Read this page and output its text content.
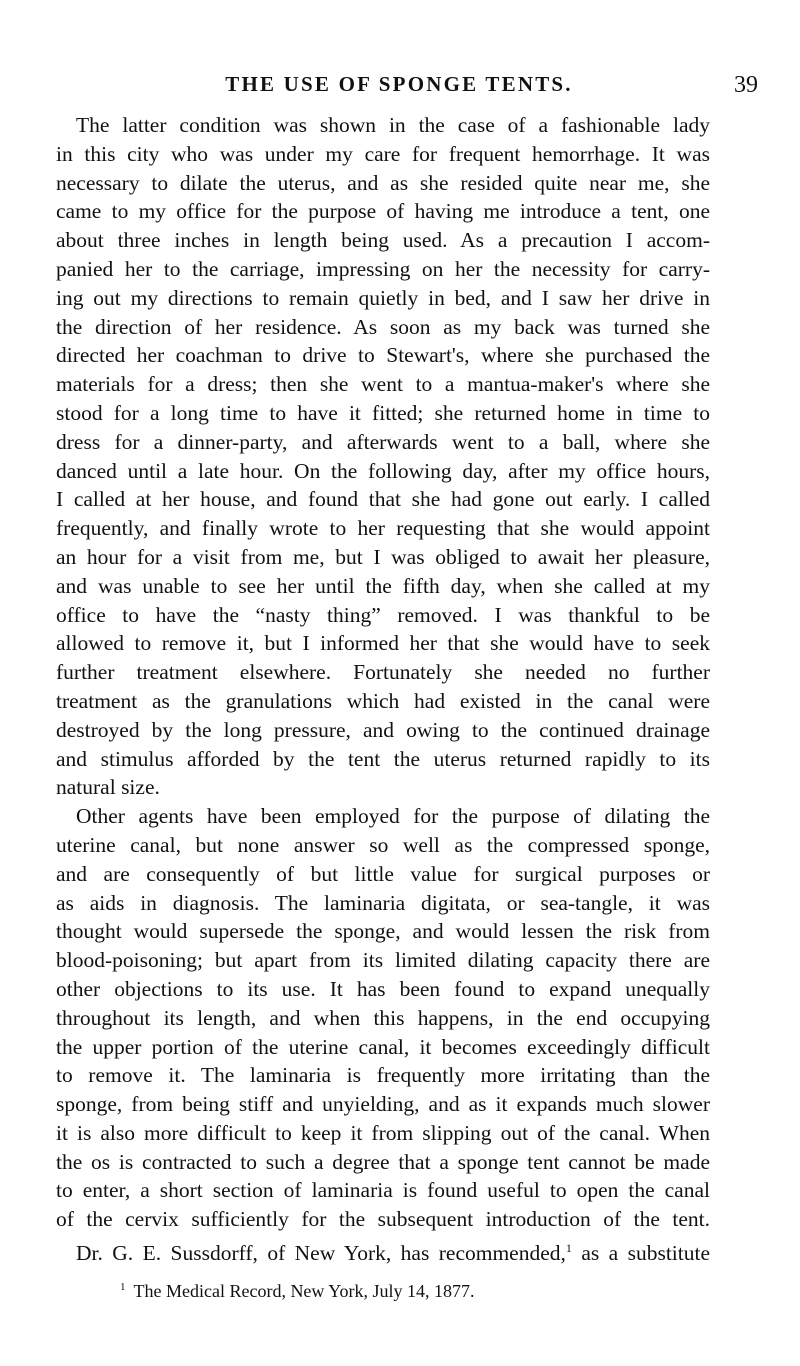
THE USE OF SPONGE TENTS.	39
The latter condition was shown in the case of a fashionable lady
in this city who was under my care for frequent hemorrhage. It was
necessary to dilate the uterus, and as she resided quite near me, she
came to my office for the purpose of having me introduce a tent, one
about three inches in length being used. As a precaution I accom-
panied her to the carriage, impressing on her the necessity for carry-
ing out my directions to remain quietly in bed, and I saw her drive in
the direction of her residence. As soon as my back was turned she
directed her coachman to drive to Stewart's, where she purchased the
materials for a dress; then she went to a mantua-maker's where she
stood for a long time to have it fitted; she returned home in time to
dress for a dinner-party, and afterwards went to a ball, where she
danced until a late hour. On the following day, after my office hours,
I called at her house, and found that she had gone out early. I called
frequently, and finally wrote to her requesting that she would appoint
an hour for a visit from me, but I was obliged to await her pleasure,
and was unable to see her until the fifth day, when she called at my
office to have the “nasty thing” removed. I was thankful to be
allowed to remove it, but I informed her that she would have to seek
further treatment elsewhere. Fortunately she needed no further
treatment as the granulations which had existed in the canal were
destroyed by the long pressure, and owing to the continued drainage
and stimulus afforded by the tent the uterus returned rapidly to its
natural size.
Other agents have been employed for the purpose of dilating the
uterine canal, but none answer so well as the compressed sponge,
and are consequently of but little value for surgical purposes or
as aids in diagnosis. The laminaria digitata, or sea-tangle, it was
thought would supersede the sponge, and would lessen the risk from
blood-poisoning; but apart from its limited dilating capacity there are
other objections to its use. It has been found to expand unequally
throughout its length, and when this happens, in the end occupying
the upper portion of the uterine canal, it becomes exceedingly difficult
to remove it. The laminaria is frequently more irritating than the
sponge, from being stiff and unyielding, and as it expands much slower
it is also more difficult to keep it from slipping out of the canal. When
the os is contracted to such a degree that a sponge tent cannot be made
to enter, a short section of laminaria is found useful to open the canal
of the cervix sufficiently for the subsequent introduction of the tent.
Dr. G. E. Sussdorff, of New York, has recommended,$^1$ as a substitute
$^1$ The Medical Record, New York, July 14, 1877.
